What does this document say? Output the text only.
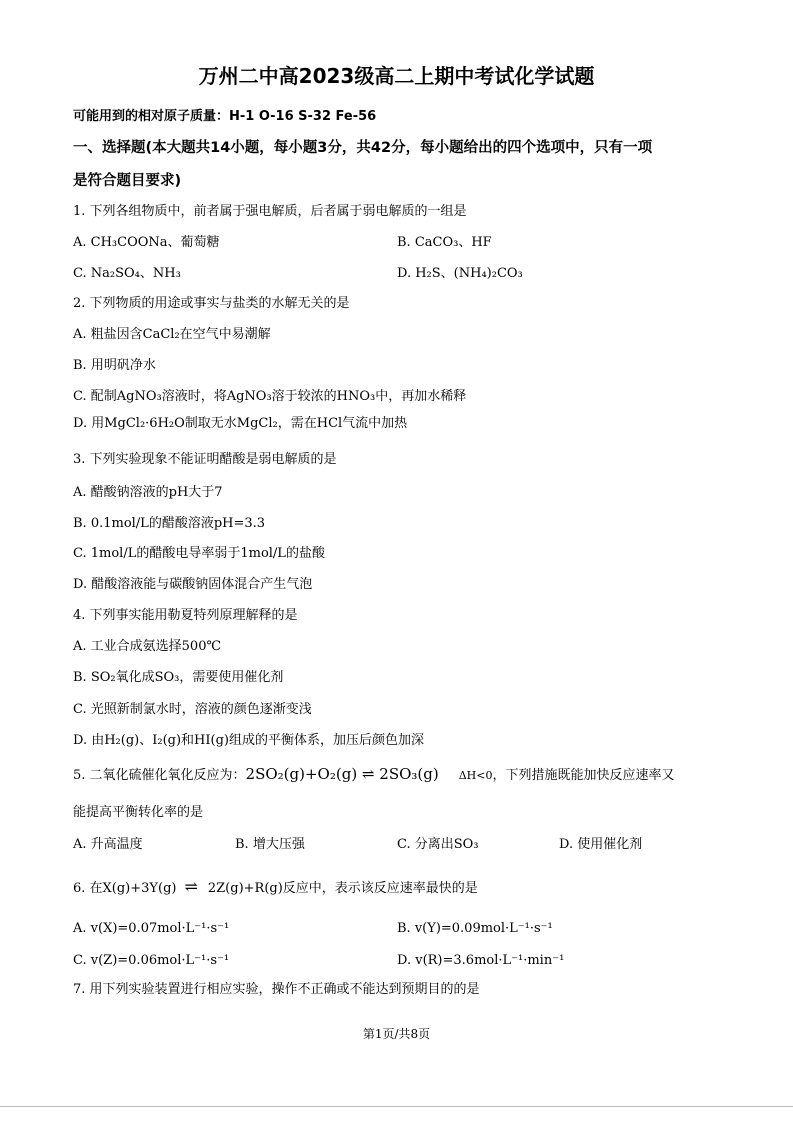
万州二中高2023级高二上期中考试化学试题
可能用到的相对原子质量：H-1 O-16 S-32 Fe-56
一、选择题(本大题共14小题，每小题3分，共42分，每小题给出的四个选项中，只有一项
是符合题目要求)
1. 下列各组物质中，前者属于强电解质，后者属于弱电解质的一组是
A. CH₃COONa、葡萄糖	B. CaCO₃、HF
C. Na₂SO₄、NH₃	D. H₂S、(NH₄)₂CO₃
2. 下列物质的用途或事实与盐类的水解无关的是
A. 粗盐因含CaCl₂在空气中易潮解
B. 用明矾净水
C. 配制AgNO₃溶液时，将AgNO₃溶于较浓的HNO₃中，再加水稀释
D. 用MgCl₂·6H₂O制取无水MgCl₂，需在HCl气流中加热
3. 下列实验现象不能证明醋酸是弱电解质的是
A. 醋酸钠溶液的pH大于7
B. 0.1mol/L的醋酸溶液pH=3.3
C. 1mol/L的醋酸电导率弱于1mol/L的盐酸
D. 醋酸溶液能与碳酸钠固体混合产生气泡
4. 下列事实能用勒夏特列原理解释的是
A. 工业合成氨选择500℃
B. SO₂氧化成SO₃，需要使用催化剂
C. 光照新制氯水时，溶液的颜色逐渐变浅
D. 由H₂(g)、I₂(g)和HI(g)组成的平衡体系，加压后颜色加深
5. 二氧化硫催化氧化反应为：2SO₂(g)+O₂(g) ⇌ 2SO₃(g) ΔH<0，下列措施既能加快反应速率又
能提高平衡转化率的是
A. 升高温度	B. 增大压强	C. 分离出SO₃	D. 使用催化剂
6. 在X(g)+3Y(g) ⇌ 2Z(g)+R(g)反应中，表示该反应速率最快的是
A. v(X)=0.07mol·L⁻¹·s⁻¹	B. v(Y)=0.09mol·L⁻¹·s⁻¹
C. v(Z)=0.06mol·L⁻¹·s⁻¹	D. v(R)=3.6mol·L⁻¹·min⁻¹
7. 用下列实验装置进行相应实验，操作不正确或不能达到预期目的的是
第1页/共8页
